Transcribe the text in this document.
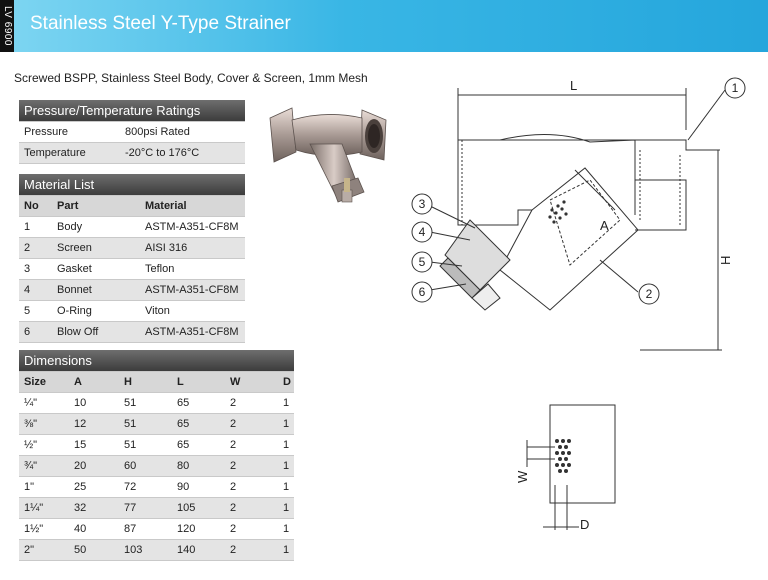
LV 6900 Stainless Steel Y-Type Strainer
Screwed BSPP, Stainless Steel Body, Cover & Screen, 1mm Mesh
Pressure/Temperature Ratings	
Pressure	800psi Rated
Temperature	-20°C to 176°C
Material List		
No	Part	Material
1	Body	ASTM-A351-CF8M
2	Screen	AISI 316
3	Gasket	Teflon
4	Bonnet	ASTM-A351-CF8M
5	O-Ring	Viton
6	Blow Off	ASTM-A351-CF8M
Dimensions					
Size	A	H	L	W	D
¼"	10	51	65	2	1
⅜"	12	51	65	2	1
½"	15	51	65	2	1
¾"	20	60	80	2	1
1"	25	72	90	2	1
1¼"	32	77	105	2	1
1½"	40	87	120	2	1
2"	50	103	140	2	1
L
H
A
1
2
3
4
5
6
W
D
